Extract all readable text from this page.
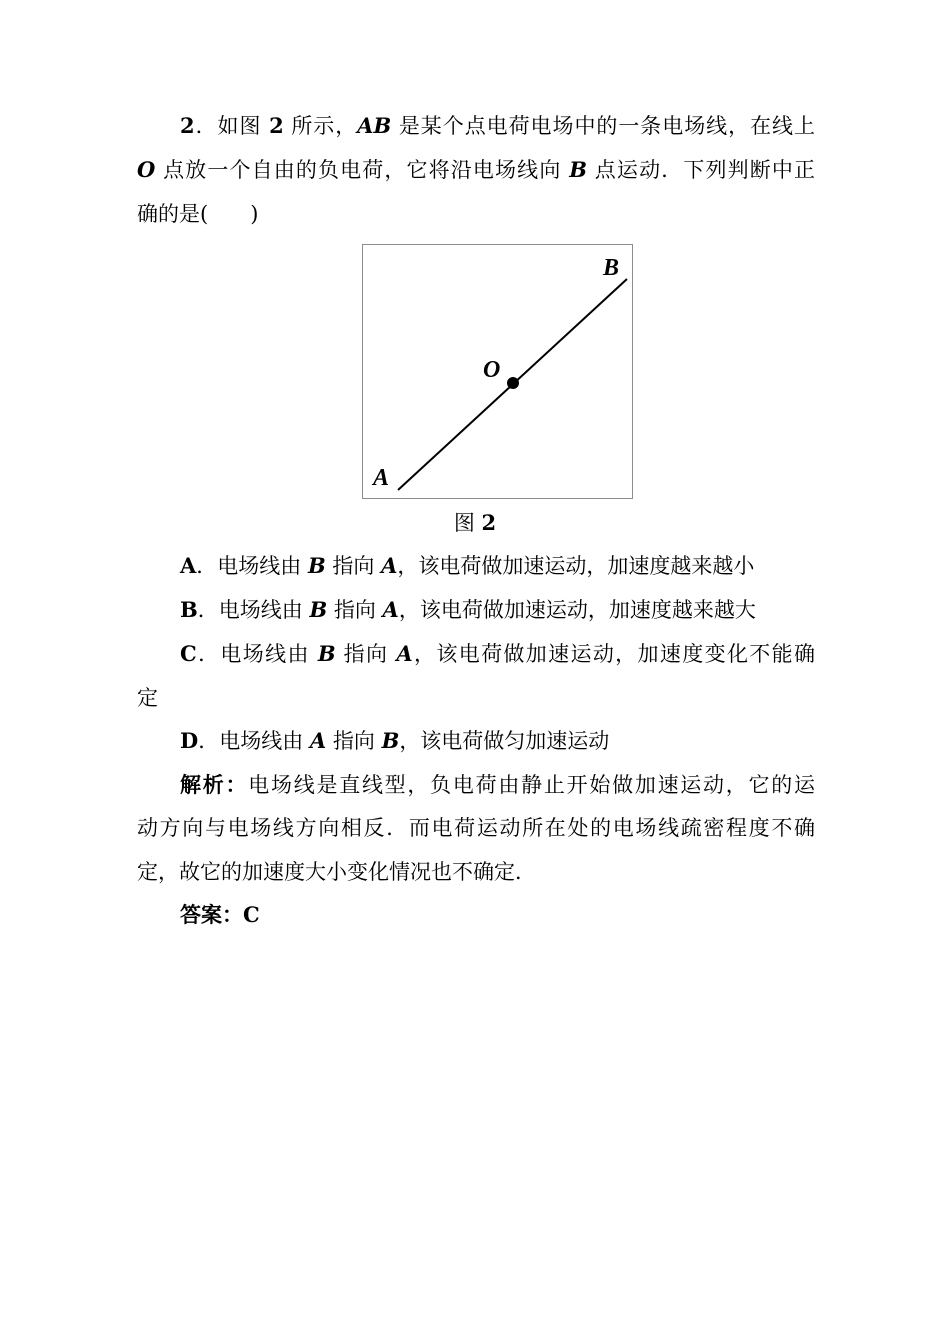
2．如图 2 所示，AB 是某个点电荷电场中的一条电场线，在线上
O 点放一个自由的负电荷，它将沿电场线向 B 点运动．下列判断中正
确的是(　　)
A
B
O
图 2
A．电场线由 B 指向 A，该电荷做加速运动，加速度越来越小
B．电场线由 B 指向 A，该电荷做加速运动，加速度越来越大
C．电场线由 B 指向 A，该电荷做加速运动，加速度变化不能确
定
D．电场线由 A 指向 B，该电荷做匀加速运动
解析：电场线是直线型，负电荷由静止开始做加速运动，它的运
动方向与电场线方向相反．而电荷运动所在处的电场线疏密程度不确
定，故它的加速度大小变化情况也不确定．
答案：C
